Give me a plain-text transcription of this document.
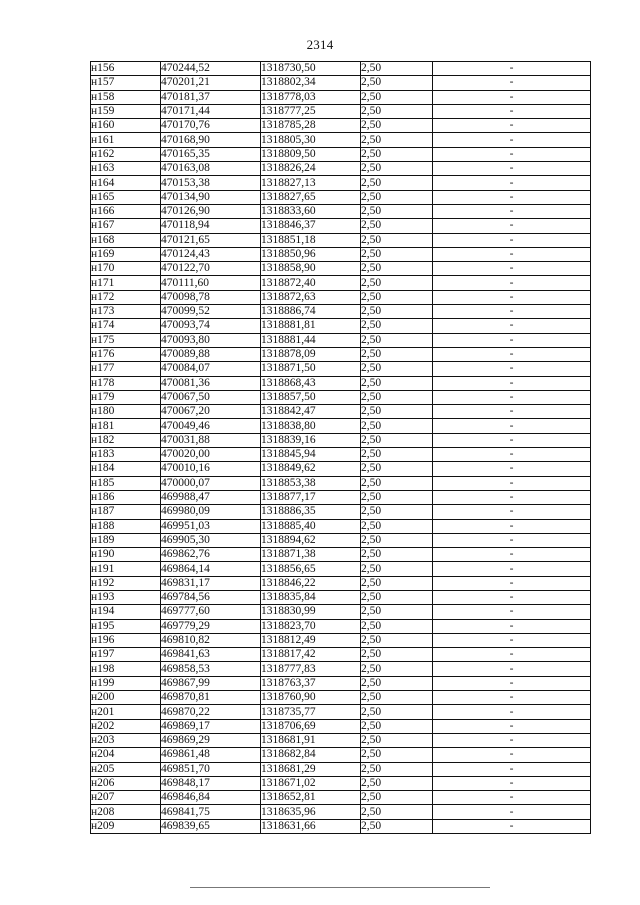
2314
н156	470244,52	1318730,50	2,50	-
н157	470201,21	1318802,34	2,50	-
н158	470181,37	1318778,03	2,50	-
н159	470171,44	1318777,25	2,50	-
н160	470170,76	1318785,28	2,50	-
н161	470168,90	1318805,30	2,50	-
н162	470165,35	1318809,50	2,50	-
н163	470163,08	1318826,24	2,50	-
н164	470153,38	1318827,13	2,50	-
н165	470134,90	1318827,65	2,50	-
н166	470126,90	1318833,60	2,50	-
н167	470118,94	1318846,37	2,50	-
н168	470121,65	1318851,18	2,50	-
н169	470124,43	1318850,96	2,50	-
н170	470122,70	1318858,90	2,50	-
н171	470111,60	1318872,40	2,50	-
н172	470098,78	1318872,63	2,50	-
н173	470099,52	1318886,74	2,50	-
н174	470093,74	1318881,81	2,50	-
н175	470093,80	1318881,44	2,50	-
н176	470089,88	1318878,09	2,50	-
н177	470084,07	1318871,50	2,50	-
н178	470081,36	1318868,43	2,50	-
н179	470067,50	1318857,50	2,50	-
н180	470067,20	1318842,47	2,50	-
н181	470049,46	1318838,80	2,50	-
н182	470031,88	1318839,16	2,50	-
н183	470020,00	1318845,94	2,50	-
н184	470010,16	1318849,62	2,50	-
н185	470000,07	1318853,38	2,50	-
н186	469988,47	1318877,17	2,50	-
н187	469980,09	1318886,35	2,50	-
н188	469951,03	1318885,40	2,50	-
н189	469905,30	1318894,62	2,50	-
н190	469862,76	1318871,38	2,50	-
н191	469864,14	1318856,65	2,50	-
н192	469831,17	1318846,22	2,50	-
н193	469784,56	1318835,84	2,50	-
н194	469777,60	1318830,99	2,50	-
н195	469779,29	1318823,70	2,50	-
н196	469810,82	1318812,49	2,50	-
н197	469841,63	1318817,42	2,50	-
н198	469858,53	1318777,83	2,50	-
н199	469867,99	1318763,37	2,50	-
н200	469870,81	1318760,90	2,50	-
н201	469870,22	1318735,77	2,50	-
н202	469869,17	1318706,69	2,50	-
н203	469869,29	1318681,91	2,50	-
н204	469861,48	1318682,84	2,50	-
н205	469851,70	1318681,29	2,50	-
н206	469848,17	1318671,02	2,50	-
н207	469846,84	1318652,81	2,50	-
н208	469841,75	1318635,96	2,50	-
н209	469839,65	1318631,66	2,50	-
